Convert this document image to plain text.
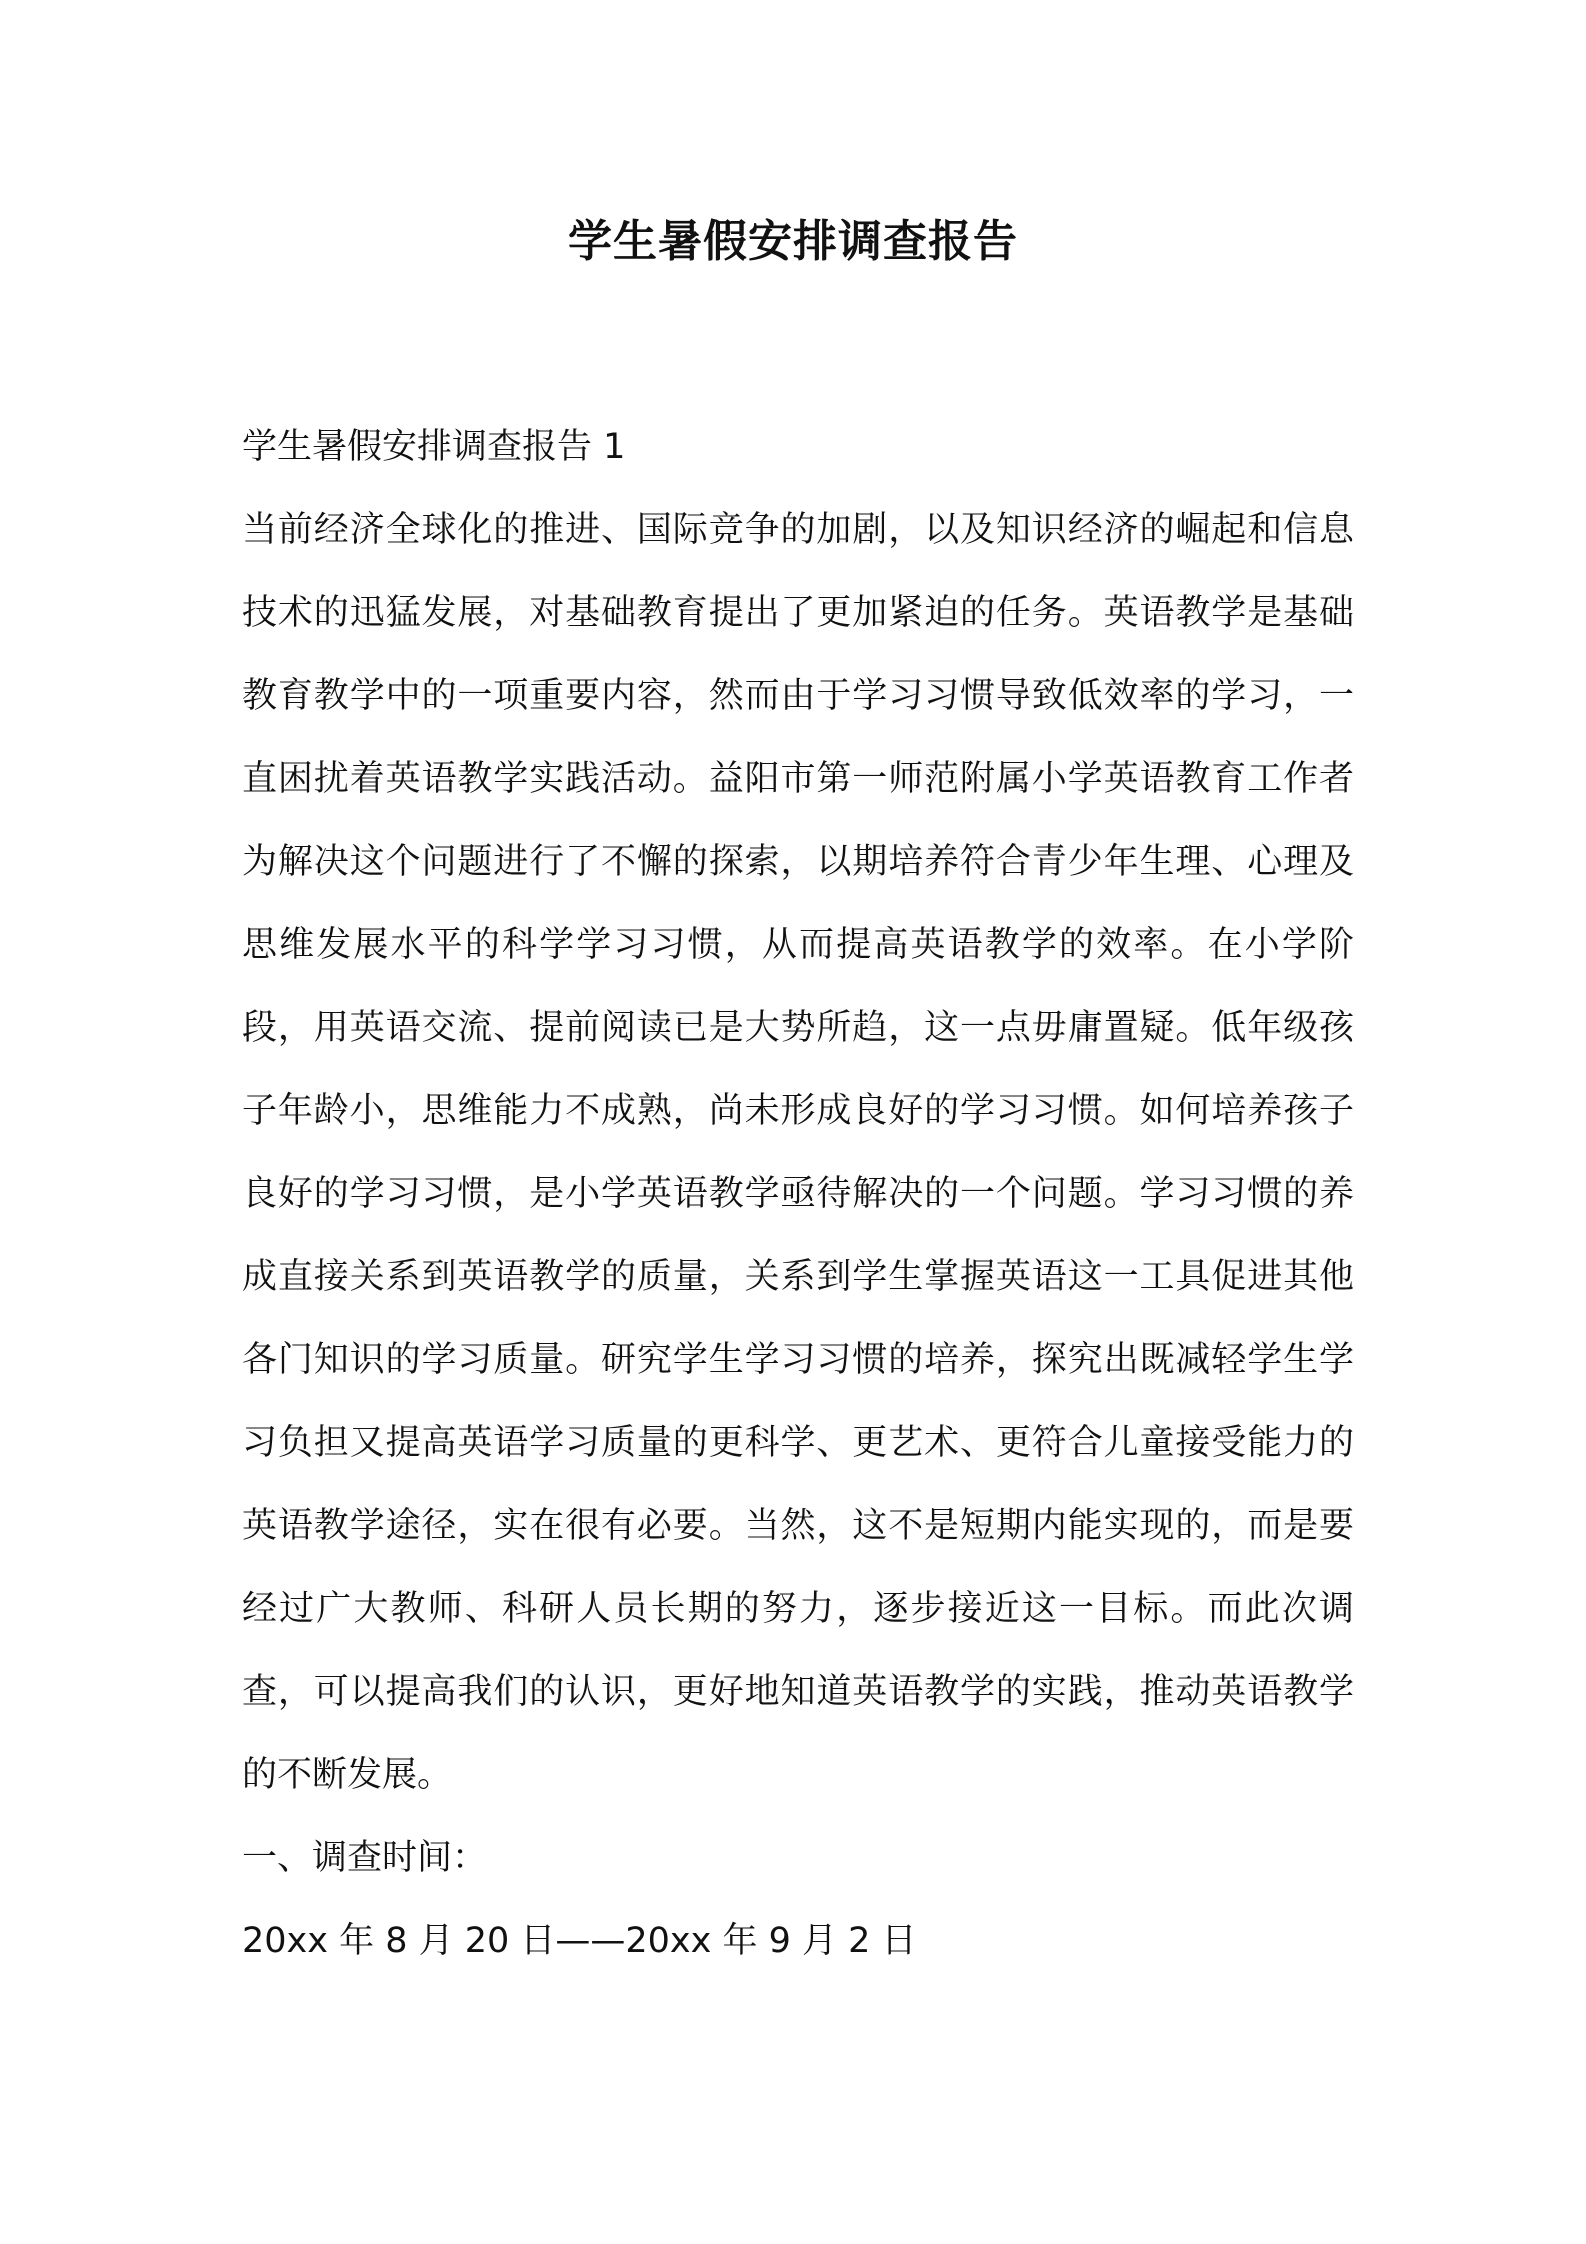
学生暑假安排调查报告

学生暑假安排调查报告 1

当前经济全球化的推进、国际竞争的加剧，以及知识经济的崛起和信息技术的迅猛发展，对基础教育提出了更加紧迫的任务。英语教学是基础教育教学中的一项重要内容，然而由于学习习惯导致低效率的学习，一直困扰着英语教学实践活动。益阳市第一师范附属小学英语教育工作者为解决这个问题进行了不懈的探索，以期培养符合青少年生理、心理及思维发展水平的科学学习习惯，从而提高英语教学的效率。在小学阶段，用英语交流、提前阅读已是大势所趋，这一点毋庸置疑。低年级孩子年龄小，思维能力不成熟，尚未形成良好的学习习惯。如何培养孩子良好的学习习惯，是小学英语教学亟待解决的一个问题。学习习惯的养成直接关系到英语教学的质量，关系到学生掌握英语这一工具促进其他各门知识的学习质量。研究学生学习习惯的培养，探究出既减轻学生学习负担又提高英语学习质量的更科学、更艺术、更符合儿童接受能力的英语教学途径，实在很有必要。当然，这不是短期内能实现的，而是要经过广大教师、科研人员长期的努力，逐步接近这一目标。而此次调查，可以提高我们的认识，更好地知道英语教学的实践，推动英语教学的不断发展。

一、调查时间：

20xx 年 8 月 20 日——20xx 年 9 月 2 日
